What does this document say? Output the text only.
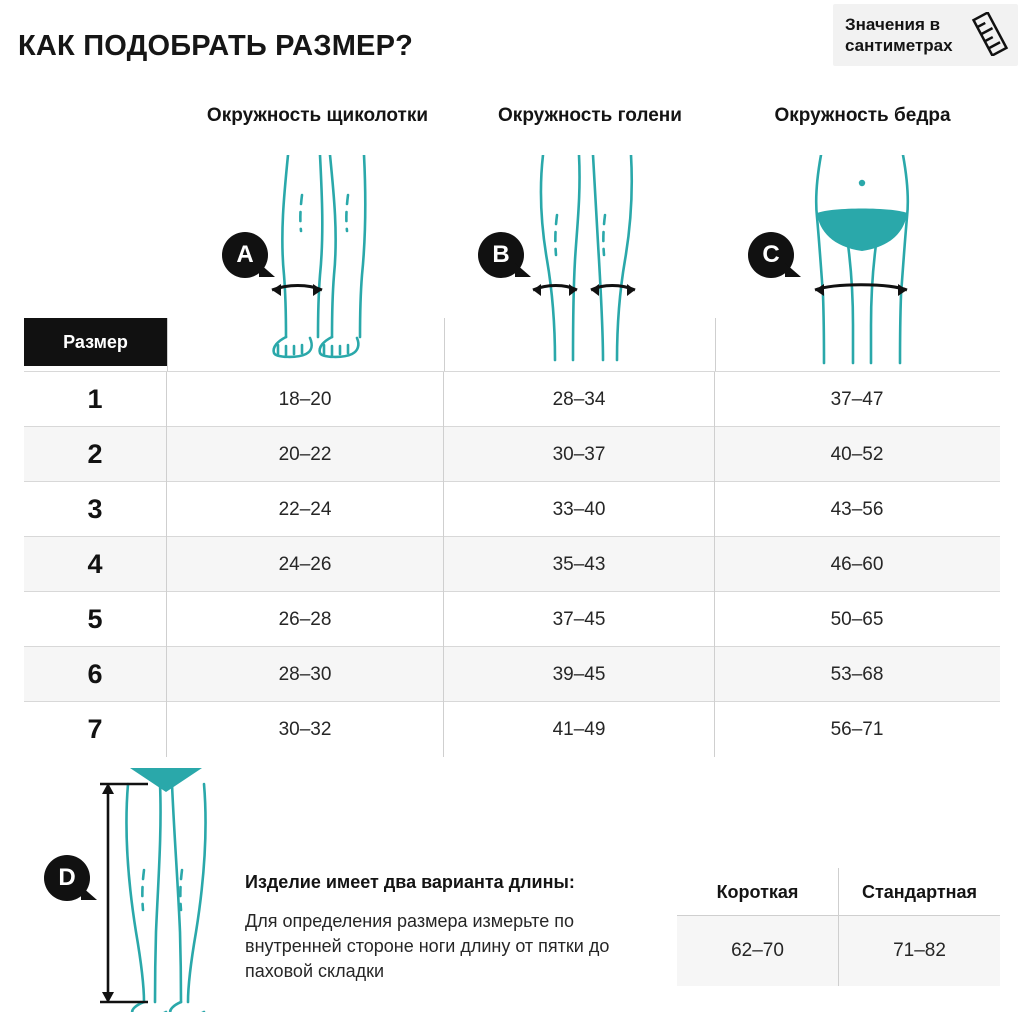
КАК ПОДОБРАТЬ РАЗМЕР?
Значения в сантиметрах
Окружность щиколотки	Окружность голени	Окружность бедра
A	B	C
Размер
1	18–20	28–34	37–47
2	20–22	30–37	40–52
3	22–24	33–40	43–56
4	24–26	35–43	46–60
5	26–28	37–45	50–65
6	28–30	39–45	53–68
7	30–32	41–49	56–71
D	Изделие имеет два варианта длины:
Для определения размера измерьте по внутренней стороне ноги длину от пятки до паховой складки
Короткая	Стандартная
62–70	71–82
